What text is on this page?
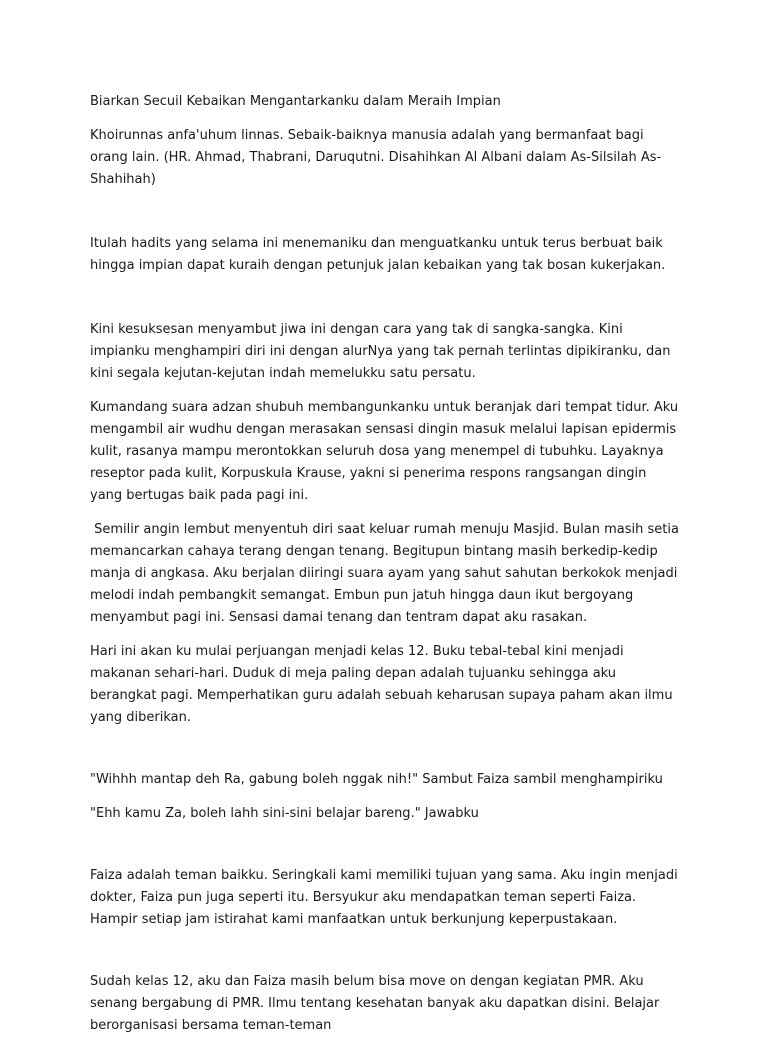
Biarkan Secuil Kebaikan Mengantarkanku dalam Meraih Impian

Khoirunnas anfa'uhum linnas. Sebaik-baiknya manusia adalah yang bermanfaat bagi orang lain. (HR. Ahmad, Thabrani, Daruqutni. Disahihkan Al Albani dalam As-Silsilah As-Shahihah)

Itulah hadits yang selama ini menemaniku dan menguatkanku untuk terus berbuat baik hingga impian dapat kuraih dengan petunjuk jalan kebaikan yang tak bosan kukerjakan.

Kini kesuksesan menyambut jiwa ini dengan cara yang tak di sangka-sangka. Kini impianku menghampiri diri ini dengan alurNya yang tak pernah terlintas dipikiranku, dan kini segala kejutan-kejutan indah memelukku satu persatu.

Kumandang suara adzan shubuh membangunkanku untuk beranjak dari tempat tidur. Aku mengambil air wudhu dengan merasakan sensasi dingin masuk melalui lapisan epidermis kulit, rasanya mampu merontokkan seluruh dosa yang menempel di tubuhku. Layaknya reseptor pada kulit, Korpuskula Krause, yakni si penerima respons rangsangan dingin yang bertugas baik pada pagi ini.

Semilir angin lembut menyentuh diri saat keluar rumah menuju Masjid. Bulan masih setia memancarkan cahaya terang dengan tenang. Begitupun bintang masih berkedip-kedip manja di angkasa. Aku berjalan diiringi suara ayam yang sahut sahutan berkokok menjadi melodi indah pembangkit semangat. Embun pun jatuh hingga daun ikut bergoyang menyambut pagi ini. Sensasi damai tenang dan tentram dapat aku rasakan.

Hari ini akan ku mulai perjuangan menjadi kelas 12. Buku tebal-tebal kini menjadi makanan sehari-hari. Duduk di meja paling depan adalah tujuanku sehingga aku berangkat pagi. Memperhatikan guru adalah sebuah keharusan supaya paham akan ilmu yang diberikan.

"Wihhh mantap deh Ra, gabung boleh nggak nih!" Sambut Faiza sambil menghampiriku

"Ehh kamu Za, boleh lahh sini-sini belajar bareng." Jawabku

Faiza adalah teman baikku. Seringkali kami memiliki tujuan yang sama. Aku ingin menjadi dokter, Faiza pun juga seperti itu. Bersyukur aku mendapatkan teman seperti Faiza. Hampir setiap jam istirahat kami manfaatkan untuk berkunjung keperpustakaan.

Sudah kelas 12, aku dan Faiza masih belum bisa move on dengan kegiatan PMR. Aku senang bergabung di PMR. Ilmu tentang kesehatan banyak aku dapatkan disini. Belajar berorganisasi bersama teman-teman
